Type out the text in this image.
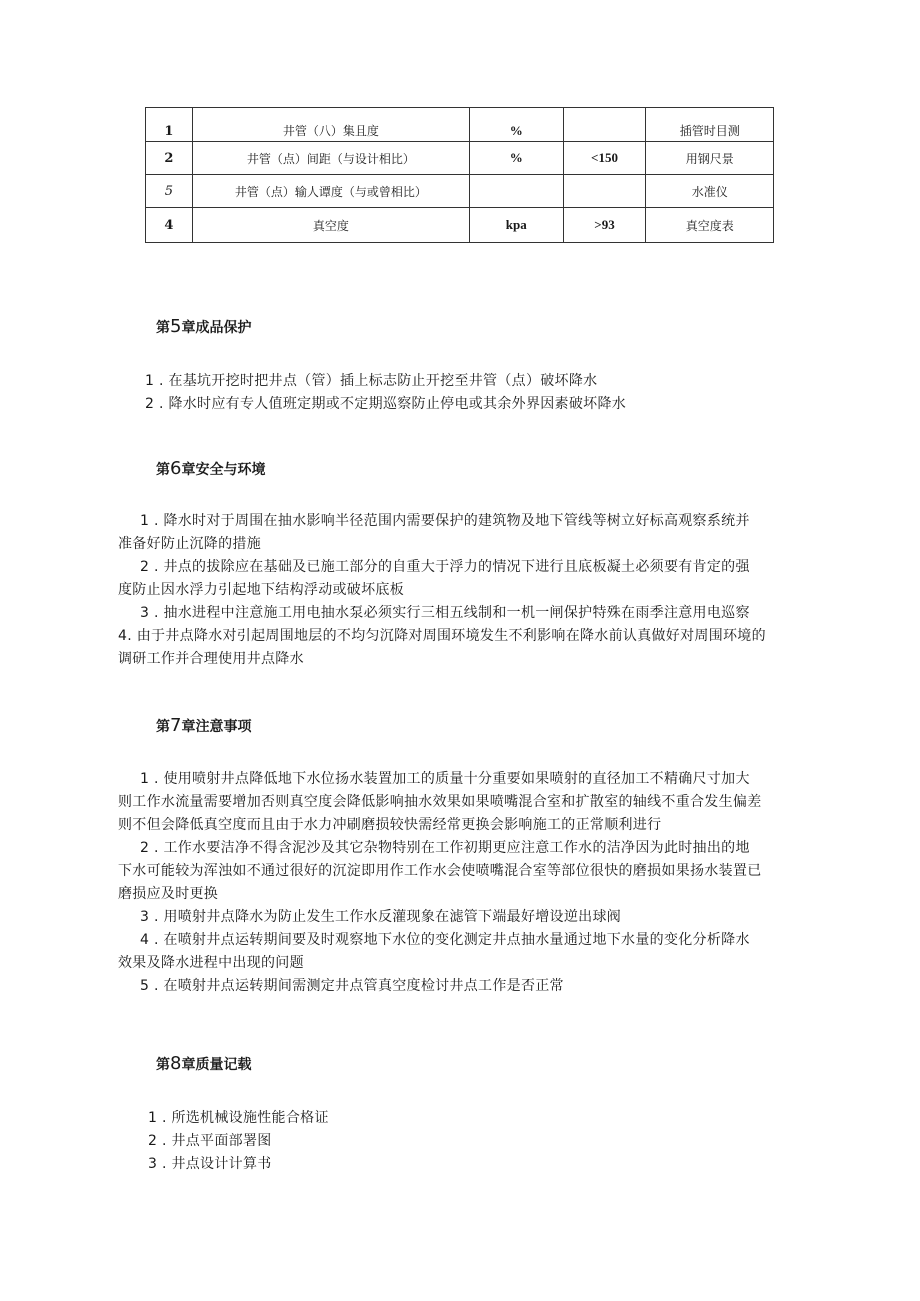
1	井管（八）集且度	%		插管时目测
2	井管（点）间距（与设计相比）	%	<150	用钢尺景
5	井管（点）输人谭度（与或曾相比）			水准仪
4	真空度	kpa	>93	真空度表
第5章成品保护
1 . 在基坑开挖时把井点（管）插上标志防止开挖至井管（点）破坏降水
2 . 降水时应有专人值班定期或不定期巡察防止停电或其余外界因素破坏降水
第6章安全与环境
1 . 降水时对于周围在抽水影响半径范围内需要保护的建筑物及地下管线等树立好标高观察系统并
准备好防止沉降的措施
2 . 井点的拔除应在基础及已施工部分的自重大于浮力的情况下进行且底板凝土必须要有肯定的强
度防止因水浮力引起地下结构浮动或破坏底板
3 . 抽水进程中注意施工用电抽水泵必须实行三相五线制和一机一闸保护特殊在雨季注意用电巡察
4. 由于井点降水对引起周围地层的不均匀沉降对周围环境发生不利影响在降水前认真做好对周围环境的
调研工作并合理使用井点降水
第7章注意事项
1 . 使用喷射井点降低地下水位扬水装置加工的质量十分重要如果喷射的直径加工不精确尺寸加大
则工作水流量需要增加否则真空度会降低影响抽水效果如果喷嘴混合室和扩散室的轴线不重合发生偏差
则不但会降低真空度而且由于水力冲刷磨损较快需经常更换会影响施工的正常顺利进行
2 . 工作水要洁净不得含泥沙及其它杂物特别在工作初期更应注意工作水的洁净因为此时抽出的地
下水可能较为浑浊如不通过很好的沉淀即用作工作水会使喷嘴混合室等部位很快的磨损如果扬水装置已
磨损应及时更换
3 . 用喷射井点降水为防止发生工作水反灌现象在滤管下端最好增设逆出球阀
4 . 在喷射井点运转期间要及时观察地下水位的变化测定井点抽水量通过地下水量的变化分析降水
效果及降水进程中出现的问题
5 . 在喷射井点运转期间需测定井点管真空度检讨井点工作是否正常
第8章质量记载
1 . 所选机械设施性能合格证
2 . 井点平面部署图
3 . 井点设计计算书
